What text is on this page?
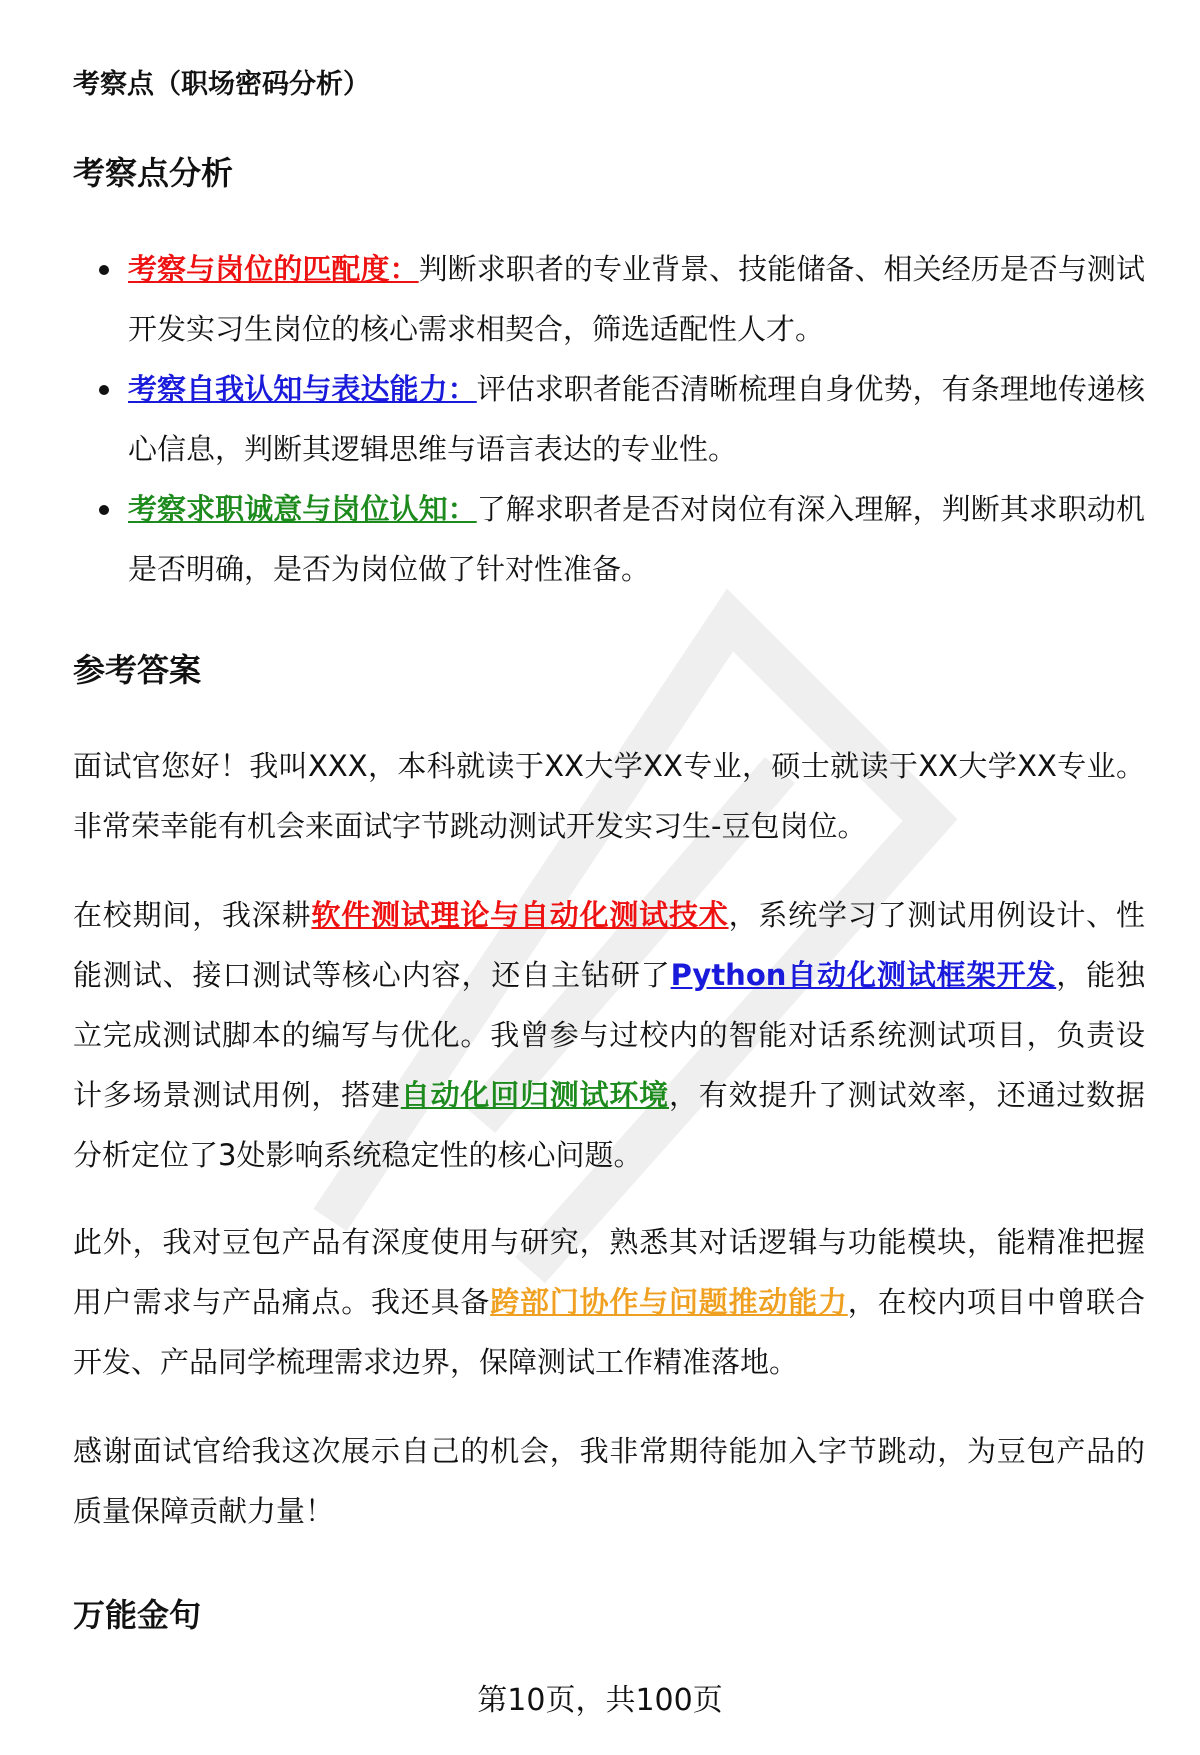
考察点（职场密码分析）
考察点分析
考察与岗位的匹配度：判断求职者的专业背景、技能储备、相关经历是否与测试开发实习生岗位的核心需求相契合，筛选适配性人才。
考察自我认知与表达能力：评估求职者能否清晰梳理自身优势，有条理地传递核心信息，判断其逻辑思维与语言表达的专业性。
考察求职诚意与岗位认知：了解求职者是否对岗位有深入理解，判断其求职动机是否明确，是否为岗位做了针对性准备。
参考答案
面试官您好！我叫XXX，本科就读于XX大学XX专业，硕士就读于XX大学XX专业。非常荣幸能有机会来面试字节跳动测试开发实习生-豆包岗位。
在校期间，我深耕软件测试理论与自动化测试技术，系统学习了测试用例设计、性能测试、接口测试等核心内容，还自主钻研了Python自动化测试框架开发，能独立完成测试脚本的编写与优化。我曾参与过校内的智能对话系统测试项目，负责设计多场景测试用例，搭建自动化回归测试环境，有效提升了测试效率，还通过数据分析定位了3处影响系统稳定性的核心问题。
此外，我对豆包产品有深度使用与研究，熟悉其对话逻辑与功能模块，能精准把握用户需求与产品痛点。我还具备跨部门协作与问题推动能力，在校内项目中曾联合开发、产品同学梳理需求边界，保障测试工作精准落地。
感谢面试官给我这次展示自己的机会，我非常期待能加入字节跳动，为豆包产品的质量保障贡献力量！
万能金句
第10页，共100页
